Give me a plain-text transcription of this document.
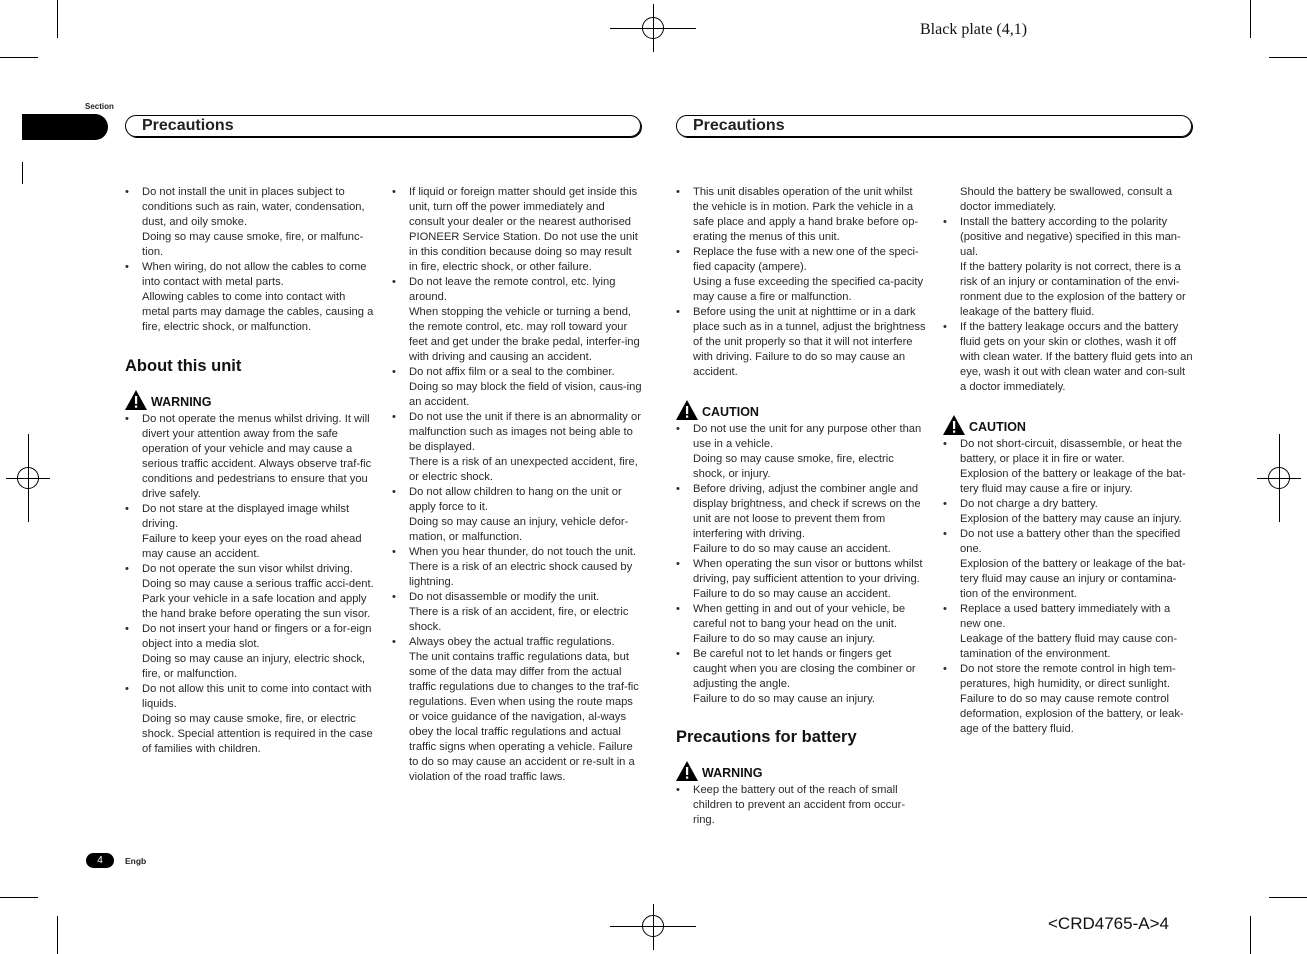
Black plate (4,1)
<CRD4765-A>4
Section
Precautions	Precautions
• Do not install the unit in places subject to conditions such as rain, water, condensation, dust, and oily smoke.
Doing so may cause smoke, fire, or malfunc-
tion.
• When wiring, do not allow the cables to come into contact with metal parts.
Allowing cables to come into contact with metal parts may damage the cables, causing a fire, electric shock, or malfunction.
About this unit
WARNING
• Do not operate the menus whilst driving. It will divert your attention away from the safe operation of your vehicle and may cause a serious traffic accident. Always observe traf-fic conditions and pedestrians to ensure that you drive safely.
• Do not stare at the displayed image whilst driving.
Failure to keep your eyes on the road ahead may cause an accident.
• Do not operate the sun visor whilst driving.
Doing so may cause a serious traffic acci-dent. Park your vehicle in a safe location and apply the hand brake before operating the sun visor.
• Do not insert your hand or fingers or a for-eign object into a media slot.
Doing so may cause an injury, electric shock, fire, or malfunction.
• Do not allow this unit to come into contact with liquids.
Doing so may cause smoke, fire, or electric shock. Special attention is required in the case of families with children.
• If liquid or foreign matter should get inside this unit, turn off the power immediately and consult your dealer or the nearest authorised PIONEER Service Station. Do not use the unit in this condition because doing so may result in fire, electric shock, or other failure.
• Do not leave the remote control, etc. lying around.
When stopping the vehicle or turning a bend, the remote control, etc. may roll toward your feet and get under the brake pedal, interfer-ing with driving and causing an accident.
• Do not affix film or a seal to the combiner.
Doing so may block the field of vision, caus-ing an accident.
• Do not use the unit if there is an abnormality or malfunction such as images not being able to be displayed.
There is a risk of an unexpected accident, fire, or electric shock.
• Do not allow children to hang on the unit or apply force to it.
Doing so may cause an injury, vehicle defor-mation, or malfunction.
• When you hear thunder, do not touch the unit.
There is a risk of an electric shock caused by lightning.
• Do not disassemble or modify the unit.
There is a risk of an accident, fire, or electric shock.
• Always obey the actual traffic regulations.
The unit contains traffic regulations data, but some of the data may differ from the actual traffic regulations due to changes to the traf-fic regulations. Even when using the route maps or voice guidance of the navigation, al-ways obey the local traffic regulations and actual traffic signs when operating a vehicle. Failure to do so may cause an accident or re-sult in a violation of the road traffic laws.
• This unit disables operation of the unit whilst the vehicle is in motion. Park the vehicle in a safe place and apply a hand brake before op-erating the menus of this unit.
• Replace the fuse with a new one of the speci-fied capacity (ampere).
Using a fuse exceeding the specified ca-pacity may cause a fire or malfunction.
• Before using the unit at nighttime or in a dark place such as in a tunnel, adjust the brightness of the unit properly so that it will not interfere with driving. Failure to do so may cause an accident.
CAUTION
• Do not use the unit for any purpose other than use in a vehicle.
Doing so may cause smoke, fire, electric shock, or injury.
• Before driving, adjust the combiner angle and display brightness, and check if screws on the unit are not loose to prevent them from interfering with driving.
Failure to do so may cause an accident.
• When operating the sun visor or buttons whilst driving, pay sufficient attention to your driving.
Failure to do so may cause an accident.
• When getting in and out of your vehicle, be careful not to bang your head on the unit.
Failure to do so may cause an injury.
• Be careful not to let hands or fingers get caught when you are closing the combiner or adjusting the angle.
Failure to do so may cause an injury.
Precautions for battery
WARNING
• Keep the battery out of the reach of small children to prevent an accident from occur-ring.
Should the battery be swallowed, consult a doctor immediately.
• Install the battery according to the polarity (positive and negative) specified in this man-ual.
If the battery polarity is not correct, there is a risk of an injury or contamination of the envi-ronment due to the explosion of the battery or leakage of the battery fluid.
• If the battery leakage occurs and the battery fluid gets on your skin or clothes, wash it off with clean water. If the battery fluid gets into an eye, wash it out with clean water and con-sult a doctor immediately.
CAUTION
• Do not short-circuit, disassemble, or heat the battery, or place it in fire or water.
Explosion of the battery or leakage of the bat-tery fluid may cause a fire or injury.
• Do not charge a dry battery.
Explosion of the battery may cause an injury.
• Do not use a battery other than the specified one.
Explosion of the battery or leakage of the bat-tery fluid may cause an injury or contamina-tion of the environment.
• Replace a used battery immediately with a new one.
Leakage of the battery fluid may cause con-tamination of the environment.
• Do not store the remote control in high tem-peratures, high humidity, or direct sunlight.
Failure to do so may cause remote control deformation, explosion of the battery, or leak-age of the battery fluid.
4	Engb
